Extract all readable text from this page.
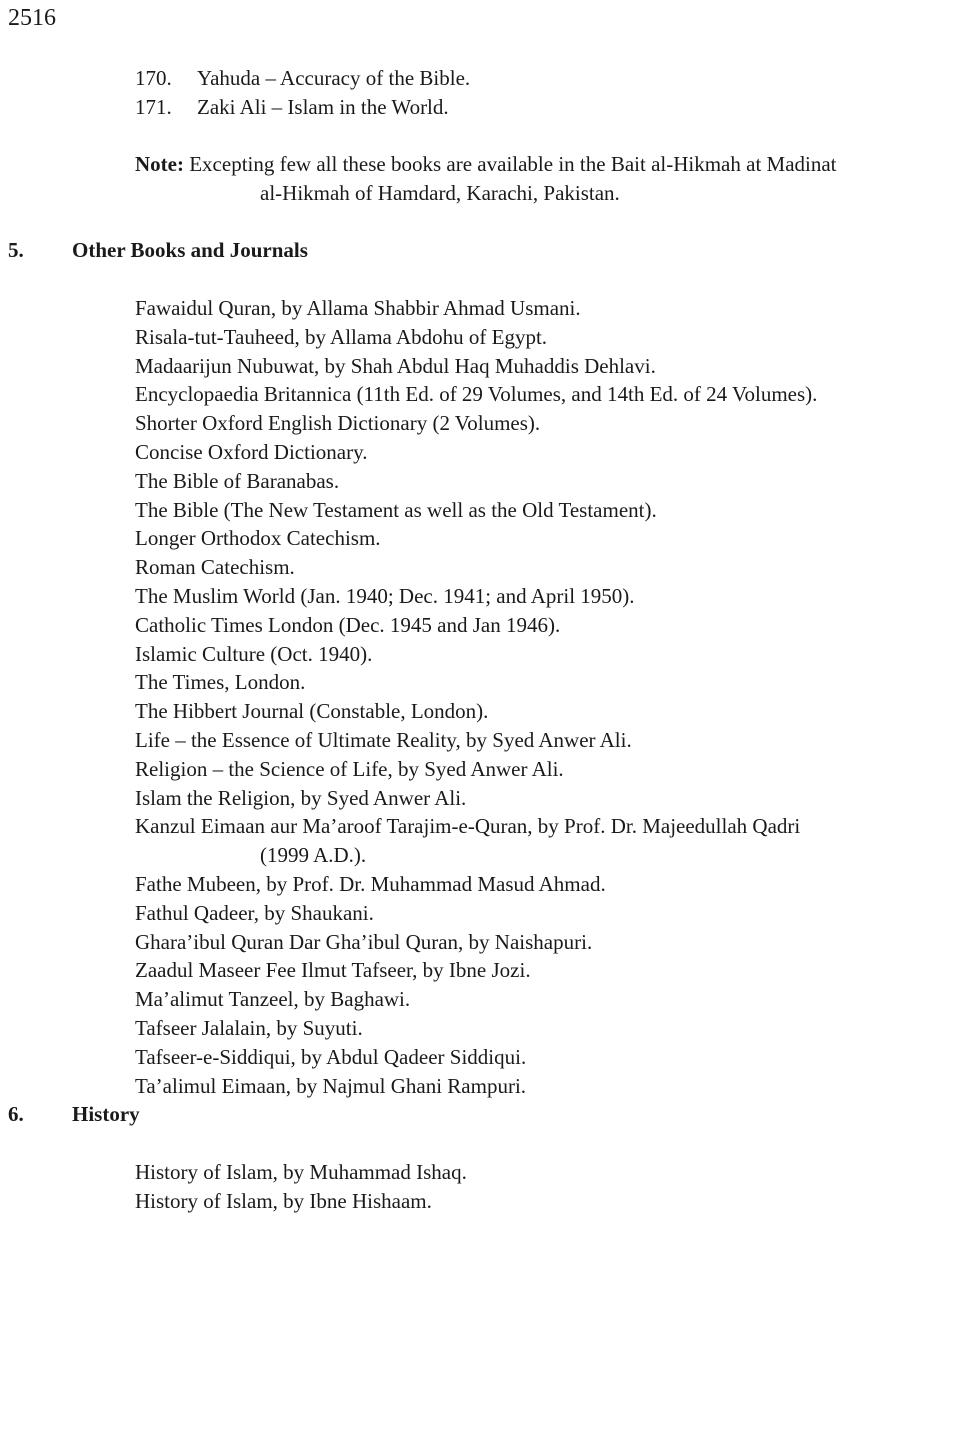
2516
170. Yahuda – Accuracy of the Bible.
171. Zaki Ali – Islam in the World.
Note: Excepting few all these books are available in the Bait al-Hikmah at Madinat
al-Hikmah of Hamdard, Karachi, Pakistan.
5. Other Books and Journals
Fawaidul Quran, by Allama Shabbir Ahmad Usmani.
Risala-tut-Tauheed, by Allama Abdohu of Egypt.
Madaarijun Nubuwat, by Shah Abdul Haq Muhaddis Dehlavi.
Encyclopaedia Britannica (11th Ed. of 29 Volumes, and 14th Ed. of 24 Volumes).
Shorter Oxford English Dictionary (2 Volumes).
Concise Oxford Dictionary.
The Bible of Baranabas.
The Bible (The New Testament as well as the Old Testament).
Longer Orthodox Catechism.
Roman Catechism.
The Muslim World (Jan. 1940; Dec. 1941; and April 1950).
Catholic Times London (Dec. 1945 and Jan 1946).
Islamic Culture (Oct. 1940).
The Times, London.
The Hibbert Journal (Constable, London).
Life – the Essence of Ultimate Reality, by Syed Anwer Ali.
Religion – the Science of Life, by Syed Anwer Ali.
Islam the Religion, by Syed Anwer Ali.
Kanzul Eimaan aur Ma’aroof Tarajim-e-Quran, by Prof. Dr. Majeedullah Qadri
(1999 A.D.).
Fathe Mubeen, by Prof. Dr. Muhammad Masud Ahmad.
Fathul Qadeer, by Shaukani.
Ghara’ibul Quran Dar Gha’ibul Quran, by Naishapuri.
Zaadul Maseer Fee Ilmut Tafseer, by Ibne Jozi.
Ma’alimut Tanzeel, by Baghawi.
Tafseer Jalalain, by Suyuti.
Tafseer-e-Siddiqui, by Abdul Qadeer Siddiqui.
Ta’alimul Eimaan, by Najmul Ghani Rampuri.
6. History
History of Islam, by Muhammad Ishaq.
History of Islam, by Ibne Hishaam.
